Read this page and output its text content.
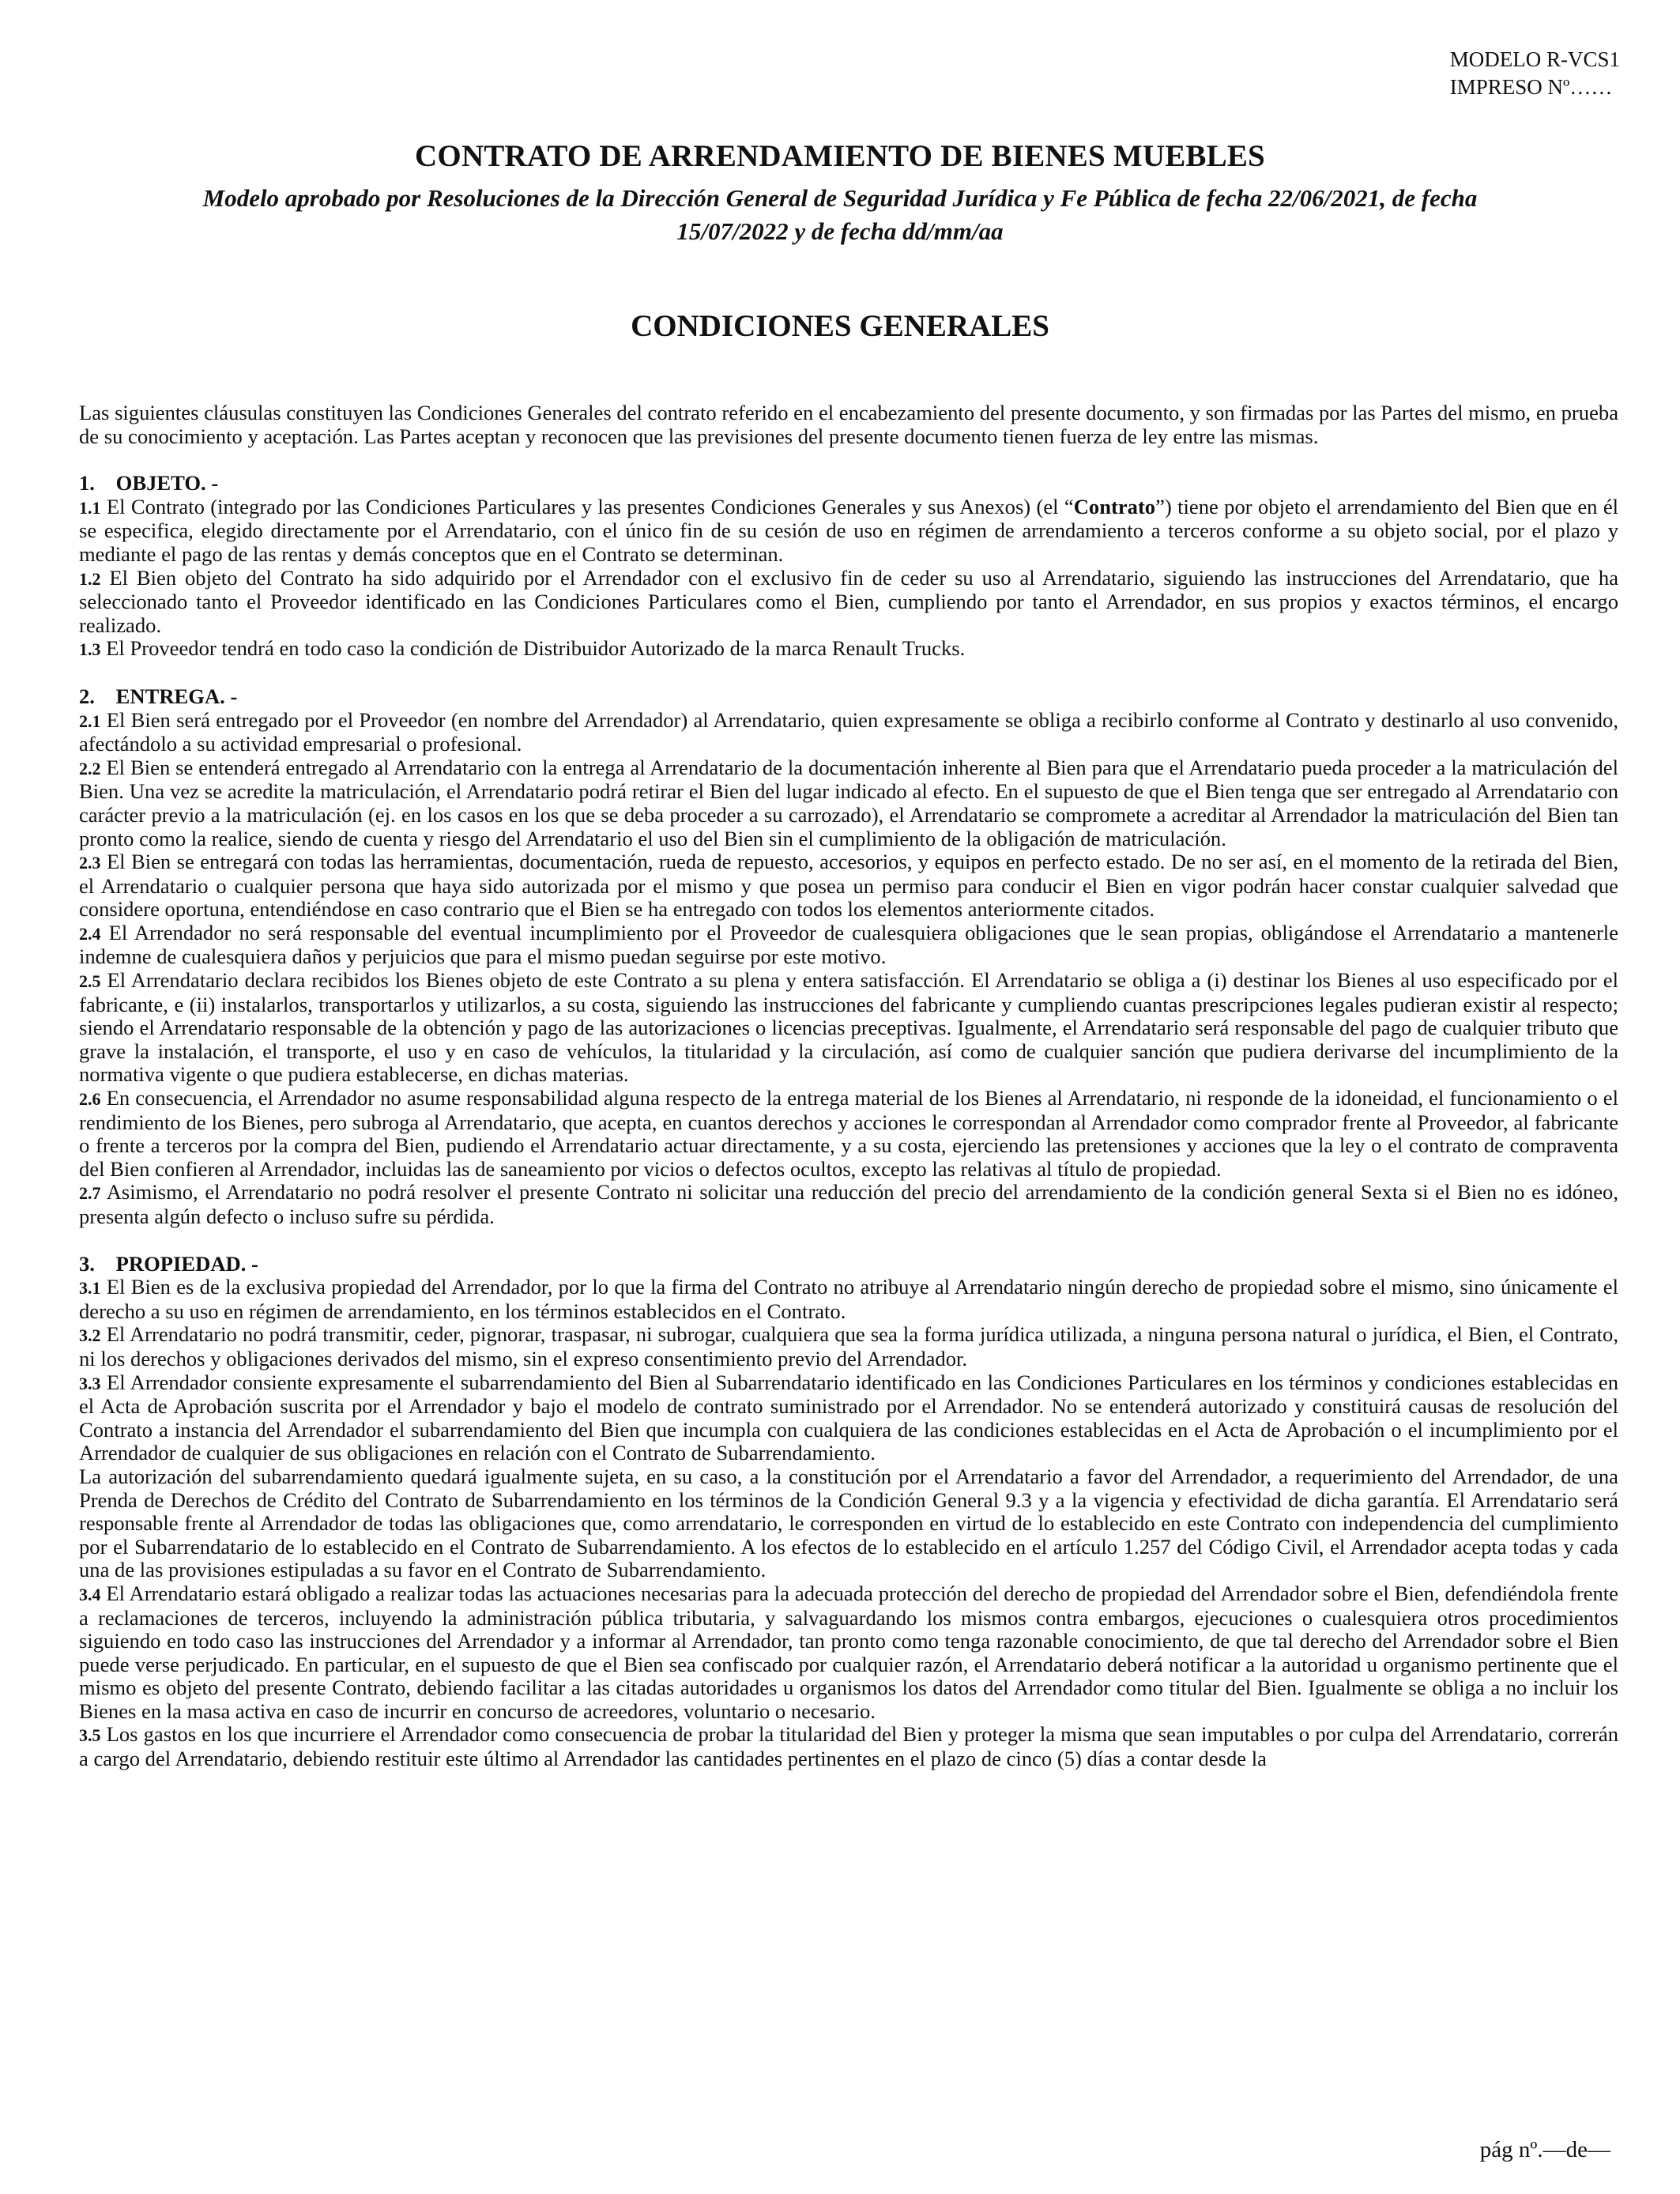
MODELO R-VCS1
IMPRESO Nº……
CONTRATO DE ARRENDAMIENTO DE BIENES MUEBLES
Modelo aprobado por Resoluciones de la Dirección General de Seguridad Jurídica y Fe Pública de fecha 22/06/2021, de fecha 15/07/2022 y de fecha dd/mm/aa
CONDICIONES GENERALES

Las siguientes cláusulas constituyen las Condiciones Generales del contrato referido en el encabezamiento del presente documento, y son firmadas por las Partes del mismo, en prueba de su conocimiento y aceptación. Las Partes aceptan y reconocen que las previsiones del presente documento tienen fuerza de ley entre las mismas.

1. OBJETO. -

1.1 El Contrato (integrado por las Condiciones Particulares y las presentes Condiciones Generales y sus Anexos) (el “Contrato”) tiene por objeto el arrendamiento del Bien que en él se especifica, elegido directamente por el Arrendatario, con el único fin de su cesión de uso en régimen de arrendamiento a terceros conforme a su objeto social, por el plazo y mediante el pago de las rentas y demás conceptos que en el Contrato se determinan.

1.2 El Bien objeto del Contrato ha sido adquirido por el Arrendador con el exclusivo fin de ceder su uso al Arrendatario, siguiendo las instrucciones del Arrendatario, que ha seleccionado tanto el Proveedor identificado en las Condiciones Particulares como el Bien, cumpliendo por tanto el Arrendador, en sus propios y exactos términos, el encargo realizado.

1.3 El Proveedor tendrá en todo caso la condición de Distribuidor Autorizado de la marca Renault Trucks.

2. ENTREGA. -

2.1 El Bien será entregado por el Proveedor (en nombre del Arrendador) al Arrendatario, quien expresamente se obliga a recibirlo conforme al Contrato y destinarlo al uso convenido, afectándolo a su actividad empresarial o profesional.

2.2 El Bien se entenderá entregado al Arrendatario con la entrega al Arrendatario de la documentación inherente al Bien para que el Arrendatario pueda proceder a la matriculación del Bien. Una vez se acredite la matriculación, el Arrendatario podrá retirar el Bien del lugar indicado al efecto. En el supuesto de que el Bien tenga que ser entregado al Arrendatario con carácter previo a la matriculación (ej. en los casos en los que se deba proceder a su carrozado), el Arrendatario se compromete a acreditar al Arrendador la matriculación del Bien tan pronto como la realice, siendo de cuenta y riesgo del Arrendatario el uso del Bien sin el cumplimiento de la obligación de matriculación.

2.3 El Bien se entregará con todas las herramientas, documentación, rueda de repuesto, accesorios, y equipos en perfecto estado. De no ser así, en el momento de la retirada del Bien, el Arrendatario o cualquier persona que haya sido autorizada por el mismo y que posea un permiso para conducir el Bien en vigor podrán hacer constar cualquier salvedad que considere oportuna, entendiéndose en caso contrario que el Bien se ha entregado con todos los elementos anteriormente citados.

2.4 El Arrendador no será responsable del eventual incumplimiento por el Proveedor de cualesquiera obligaciones que le sean propias, obligándose el Arrendatario a mantenerle indemne de cualesquiera daños y perjuicios que para el mismo puedan seguirse por este motivo.

2.5 El Arrendatario declara recibidos los Bienes objeto de este Contrato a su plena y entera satisfacción. El Arrendatario se obliga a (i) destinar los Bienes al uso especificado por el fabricante, e (ii) instalarlos, transportarlos y utilizarlos, a su costa, siguiendo las instrucciones del fabricante y cumpliendo cuantas prescripciones legales pudieran existir al respecto; siendo el Arrendatario responsable de la obtención y pago de las autorizaciones o licencias preceptivas. Igualmente, el Arrendatario será responsable del pago de cualquier tributo que grave la instalación, el transporte, el uso y en caso de vehículos, la titularidad y la circulación, así como de cualquier sanción que pudiera derivarse del incumplimiento de la normativa vigente o que pudiera establecerse, en dichas materias.

2.6 En consecuencia, el Arrendador no asume responsabilidad alguna respecto de la entrega material de los Bienes al Arrendatario, ni responde de la idoneidad, el funcionamiento o el rendimiento de los Bienes, pero subroga al Arrendatario, que acepta, en cuantos derechos y acciones le correspondan al Arrendador como comprador frente al Proveedor, al fabricante o frente a terceros por la compra del Bien, pudiendo el Arrendatario actuar directamente, y a su costa, ejerciendo las pretensiones y acciones que la ley o el contrato de compraventa del Bien confieren al Arrendador, incluidas las de saneamiento por vicios o defectos ocultos, excepto las relativas al título de propiedad.

2.7 Asimismo, el Arrendatario no podrá resolver el presente Contrato ni solicitar una reducción del precio del arrendamiento de la condición general Sexta si el Bien no es idóneo, presenta algún defecto o incluso sufre su pérdida.

3. PROPIEDAD. -

3.1 El Bien es de la exclusiva propiedad del Arrendador, por lo que la firma del Contrato no atribuye al Arrendatario ningún derecho de propiedad sobre el mismo, sino únicamente el derecho a su uso en régimen de arrendamiento, en los términos establecidos en el Contrato.

3.2 El Arrendatario no podrá transmitir, ceder, pignorar, traspasar, ni subrogar, cualquiera que sea la forma jurídica utilizada, a ninguna persona natural o jurídica, el Bien, el Contrato, ni los derechos y obligaciones derivados del mismo, sin el expreso consentimiento previo del Arrendador.

3.3 El Arrendador consiente expresamente el subarrendamiento del Bien al Subarrendatario identificado en las Condiciones Particulares en los términos y condiciones establecidas en el Acta de Aprobación suscrita por el Arrendador y bajo el modelo de contrato suministrado por el Arrendador. No se entenderá autorizado y constituirá causas de resolución del Contrato a instancia del Arrendador el subarrendamiento del Bien que incumpla con cualquiera de las condiciones establecidas en el Acta de Aprobación o el incumplimiento por el Arrendador de cualquier de sus obligaciones en relación con el Contrato de Subarrendamiento.

La autorización del subarrendamiento quedará igualmente sujeta, en su caso, a la constitución por el Arrendatario a favor del Arrendador, a requerimiento del Arrendador, de una Prenda de Derechos de Crédito del Contrato de Subarrendamiento en los términos de la Condición General 9.3 y a la vigencia y efectividad de dicha garantía. El Arrendatario será responsable frente al Arrendador de todas las obligaciones que, como arrendatario, le corresponden en virtud de lo establecido en este Contrato con independencia del cumplimiento por el Subarrendatario de lo establecido en el Contrato de Subarrendamiento. A los efectos de lo establecido en el artículo 1.257 del Código Civil, el Arrendador acepta todas y cada una de las provisiones estipuladas a su favor en el Contrato de Subarrendamiento.

3.4 El Arrendatario estará obligado a realizar todas las actuaciones necesarias para la adecuada protección del derecho de propiedad del Arrendador sobre el Bien, defendiéndola frente a reclamaciones de terceros, incluyendo la administración pública tributaria, y salvaguardando los mismos contra embargos, ejecuciones o cualesquiera otros procedimientos siguiendo en todo caso las instrucciones del Arrendador y a informar al Arrendador, tan pronto como tenga razonable conocimiento, de que tal derecho del Arrendador sobre el Bien puede verse perjudicado. En particular, en el supuesto de que el Bien sea confiscado por cualquier razón, el Arrendatario deberá notificar a la autoridad u organismo pertinente que el mismo es objeto del presente Contrato, debiendo facilitar a las citadas autoridades u organismos los datos del Arrendador como titular del Bien. Igualmente se obliga a no incluir los Bienes en la masa activa en caso de incurrir en concurso de acreedores, voluntario o necesario.

3.5 Los gastos en los que incurriere el Arrendador como consecuencia de probar la titularidad del Bien y proteger la misma que sean imputables o por culpa del Arrendatario, correrán a cargo del Arrendatario, debiendo restituir este último al Arrendador las cantidades pertinentes en el plazo de cinco (5) días a contar desde la

pág nº.—de—
